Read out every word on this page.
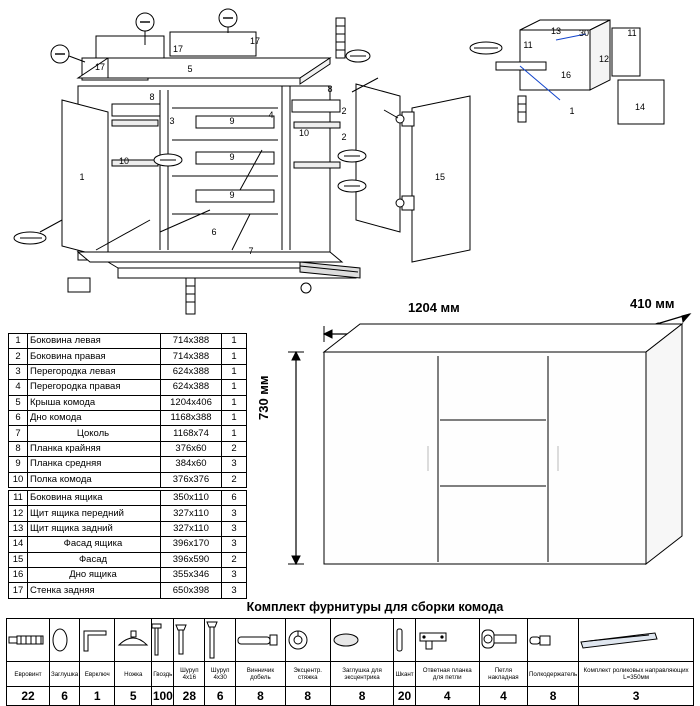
17
17
17
5
8
8
3
10
4
10
9
9
9
1
6
7
15
2
2
11
13 30	11
16
12
14
1
1	Боковина левая	714х388	1
2	Боковина правая	714х388	1
3	Перегородка левая	624х388	1
4	Перегородка правая	624х388	1
5	Крыша комода	1204х406	1
6	Дно комода	1168х388	1
7	Цоколь	1168х74	1
8	Планка крайняя	376х60	2
9	Планка средняя	384х60	3
10	Полка комода	376х376	2
11	Боковина ящика	350х110	6
12	Щит ящика передний	327х110	3
13	Щит ящика задний	327х110	3
14	Фасад ящика	396х170	3
15	Фасад	396х590	2
16	Дно ящика	355х346	3
17	Стенка задняя	650х398	3
1204 мм	410 мм
730 мм
Комплект фурнитуры для сборки комода

Евровинт	Заглушка	Еврключ	Ножка	Гвоздь	Шуруп 4х16	Шуруп 4х30	Винничик добель	Эксцентр. стяжка	Заглушка для эксцентрика	Шкант	Ответная планка для петли	Петля накладная	Полкодержатель	Комплект роликовых направляющих L=350мм
22	6	1	5	100	28	6	8	8	8	20	4	4	8	3
